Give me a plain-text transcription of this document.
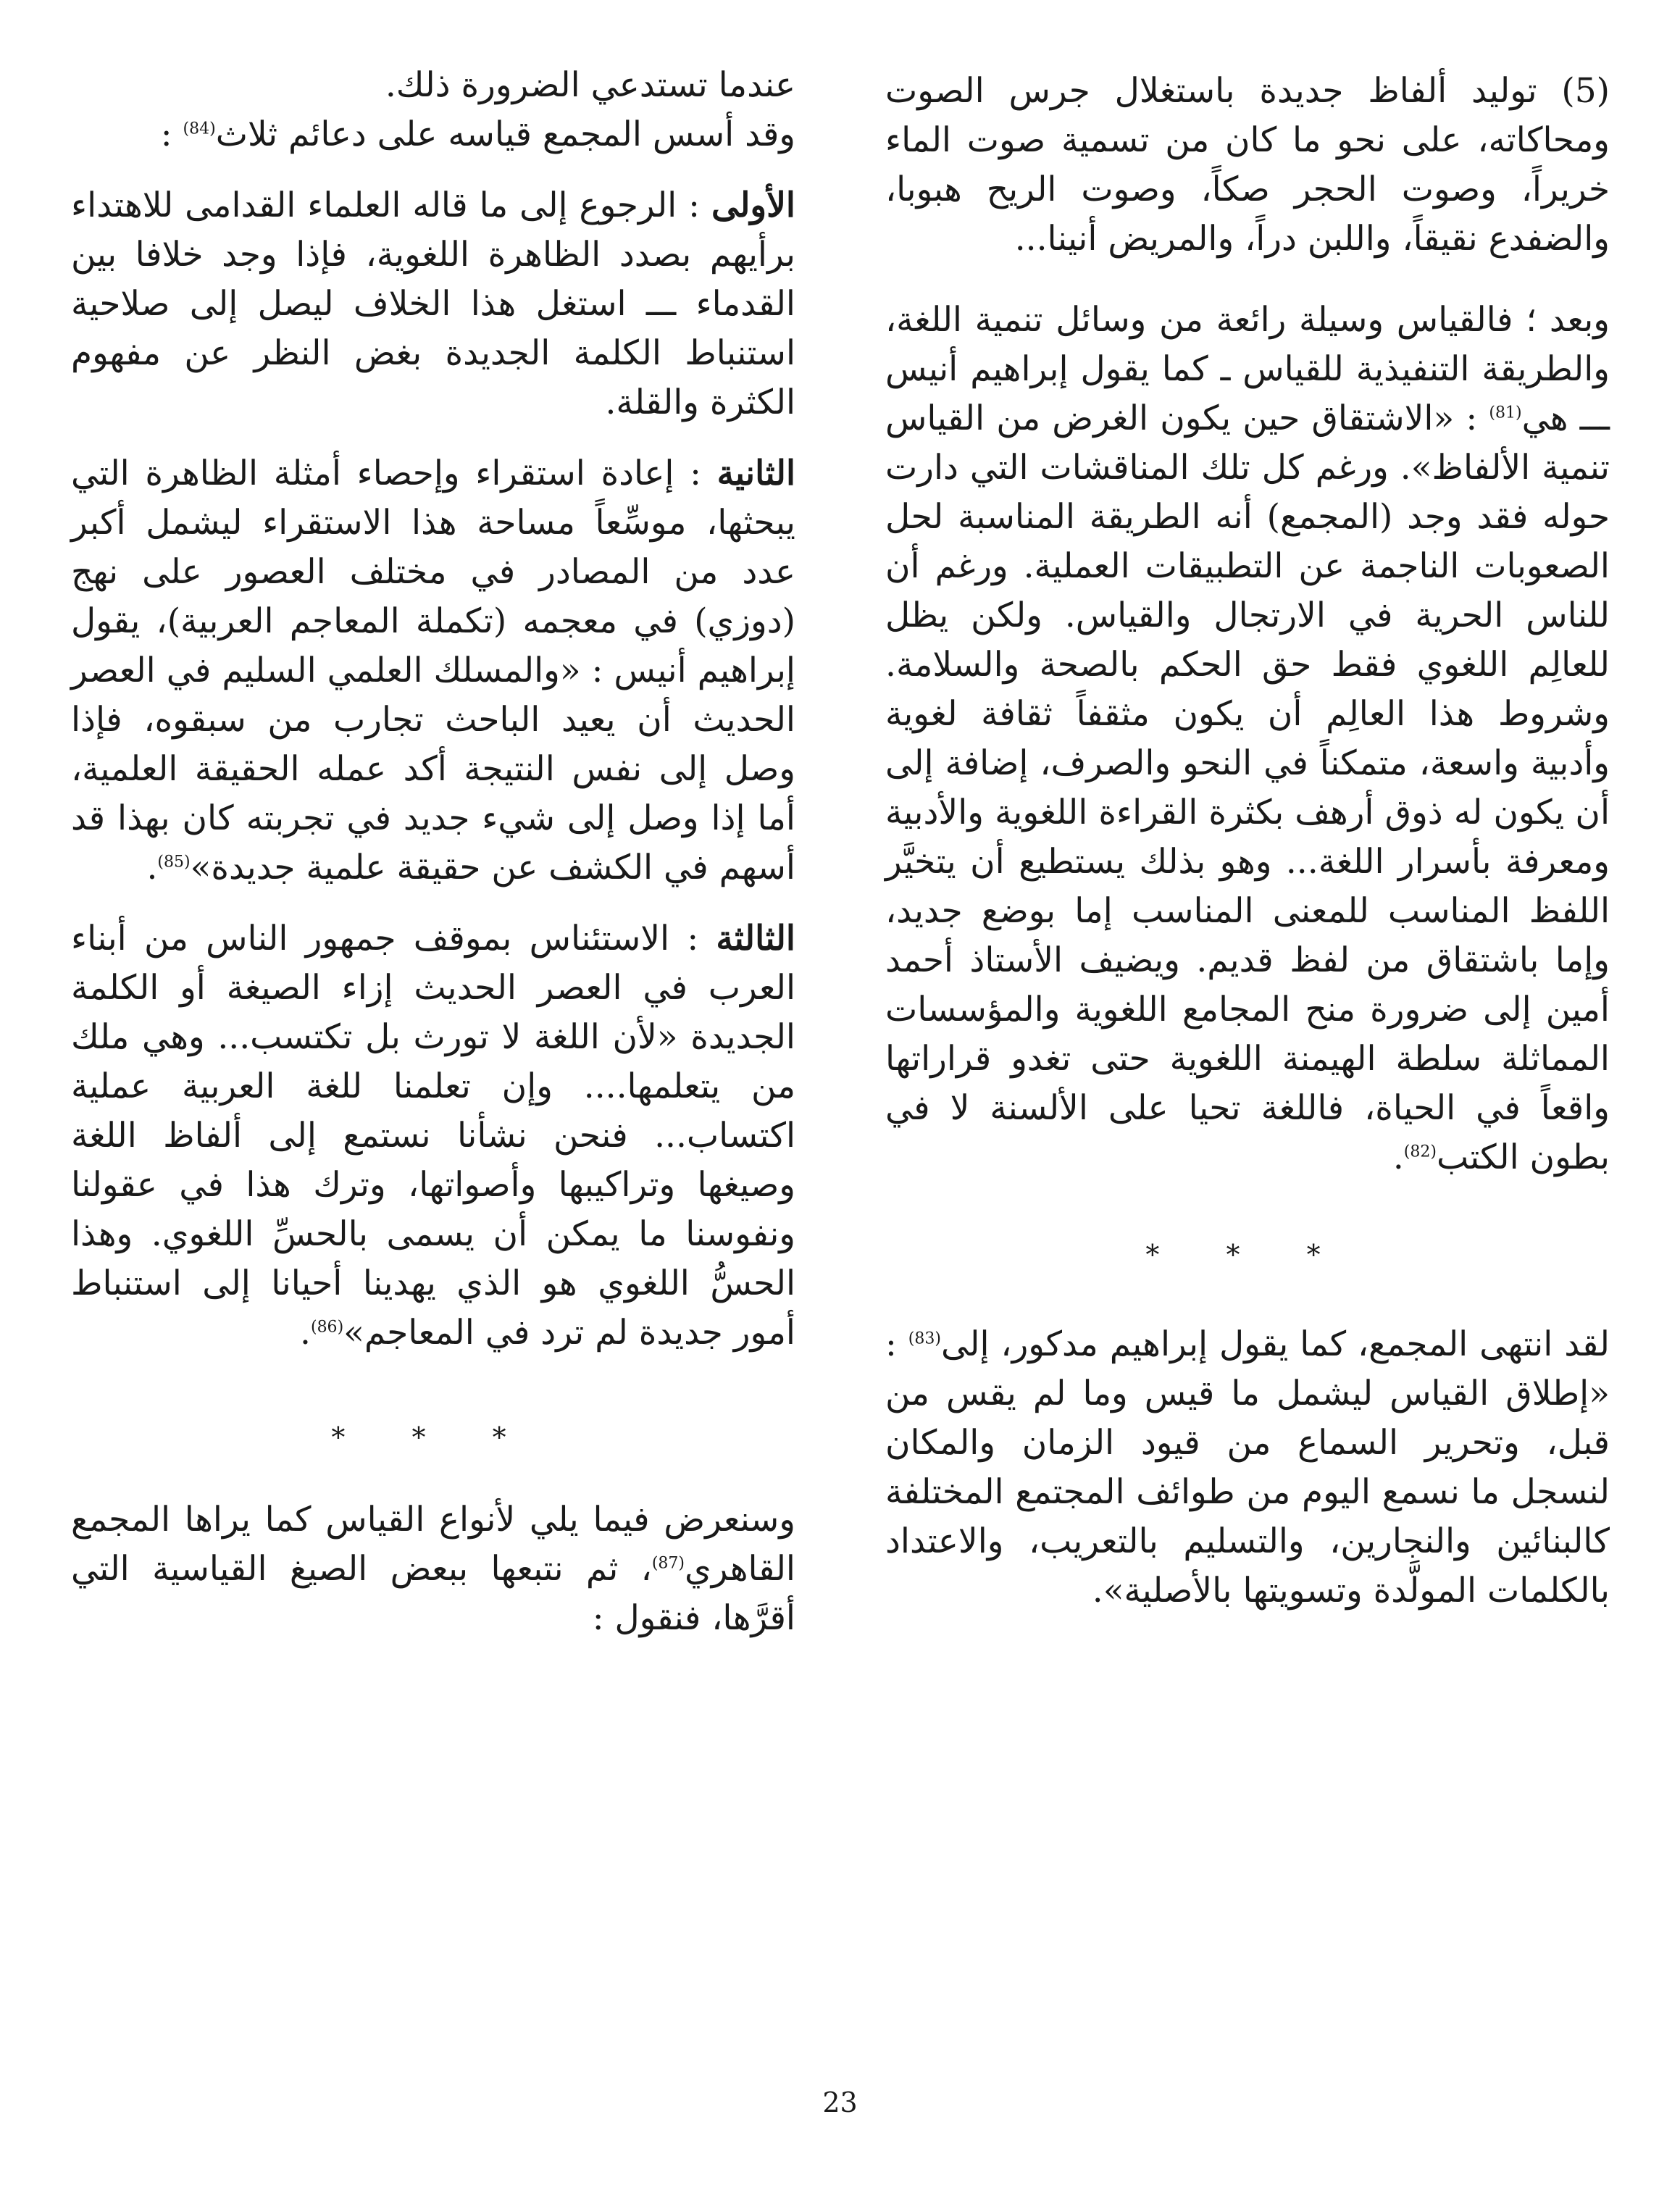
(5) توليد ألفاظ جديدة باستغلال جرس الصوت ومحاكاته، على نحو ما كان من تسمية صوت الماء خريراً، وصوت الحجر صكاً، وصوت الريح هبوبا، والضفدع نقيقاً، واللبن دراً، والمريض أنينا...

وبعد ؛ فالقياس وسيلة رائعة من وسائل تنمية اللغة، والطريقة التنفيذية للقياس ـ كما يقول إبراهيم أنيس ـــ هي$^{(81)}$ : «الاشتقاق حين يكون الغرض من القياس تنمية الألفاظ». ورغم كل تلك المناقشات التي دارت حوله فقد وجد (المجمع) أنه الطريقة المناسبة لحل الصعوبات الناجمة عن التطبيقات العملية. ورغم أن للناس الحرية في الارتجال والقياس. ولكن يظل للعالِم اللغوي فقط حق الحكم بالصحة والسلامة. وشروط هذا العالِم أن يكون مثقفاً ثقافة لغوية وأدبية واسعة، متمكناً في النحو والصرف، إضافة إلى أن يكون له ذوق أرهف بكثرة القراءة اللغوية والأدبية ومعرفة بأسرار اللغة... وهو بذلك يستطيع أن يتخيَّر اللفظ المناسب للمعنى المناسب إما بوضع جديد، وإما باشتقاق من لفظ قديم. ويضيف الأستاذ أحمد أمين إلى ضرورة منح المجامع اللغوية والمؤسسات المماثلة سلطة الهيمنة اللغوية حتى تغدو قراراتها واقعاً في الحياة، فاللغة تحيا على الألسنة لا في بطون الكتب$^{(82)}$.

* * *

لقد انتهى المجمع، كما يقول إبراهيم مدكور، إلى$^{(83)}$ : «إطلاق القياس ليشمل ما قيس وما لم يقس من قبل، وتحرير السماع من قيود الزمان والمكان لنسجل ما نسمع اليوم من طوائف المجتمع المختلفة كالبنائين والنجارين، والتسليم بالتعريب، والاعتداد بالكلمات المولَّدة وتسويتها بالأصلية».

عندما تستدعي الضرورة ذلك.

وقد أسس المجمع قياسه على دعائم ثلاث$^{(84)}$ :

الأولى : الرجوع إلى ما قاله العلماء القدامى للاهتداء برأيهم بصدد الظاهرة اللغوية، فإذا وجد خلافا بين القدماء ـــ استغل هذا الخلاف ليصل إلى صلاحية استنباط الكلمة الجديدة بغض النظر عن مفهوم الكثرة والقلة.

الثانية : إعادة استقراء وإحصاء أمثلة الظاهرة التي يبحثها، موسِّعاً مساحة هذا الاستقراء ليشمل أكبر عدد من المصادر في مختلف العصور على نهج (دوزي) في معجمه (تكملة المعاجم العربية)، يقول إبراهيم أنيس : «والمسلك العلمي السليم في العصر الحديث أن يعيد الباحث تجارب من سبقوه، فإذا وصل إلى نفس النتيجة أكد عمله الحقيقة العلمية، أما إذا وصل إلى شيء جديد في تجربته كان بهذا قد أسهم في الكشف عن حقيقة علمية جديدة»$^{(85)}$.

الثالثة : الاستئناس بموقف جمهور الناس من أبناء العرب في العصر الحديث إزاء الصيغة أو الكلمة الجديدة «لأن اللغة لا تورث بل تكتسب... وهي ملك من يتعلمها.... وإن تعلمنا للغة العربية عملية اكتساب... فنحن نشأنا نستمع إلى ألفاظ اللغة وصيغها وتراكيبها وأصواتها، وترك هذا في عقولنا ونفوسنا ما يمكن أن يسمى بالحسِّ اللغوي. وهذا الحسُّ اللغوي هو الذي يهدينا أحيانا إلى استنباط أمور جديدة لم ترد في المعاجم»$^{(86)}$.

* * *

وسنعرض فيما يلي لأنواع القياس كما يراها المجمع القاهري$^{(87)}$، ثم نتبعها ببعض الصيغ القياسية التي أقرَّها، فنقول :

23
